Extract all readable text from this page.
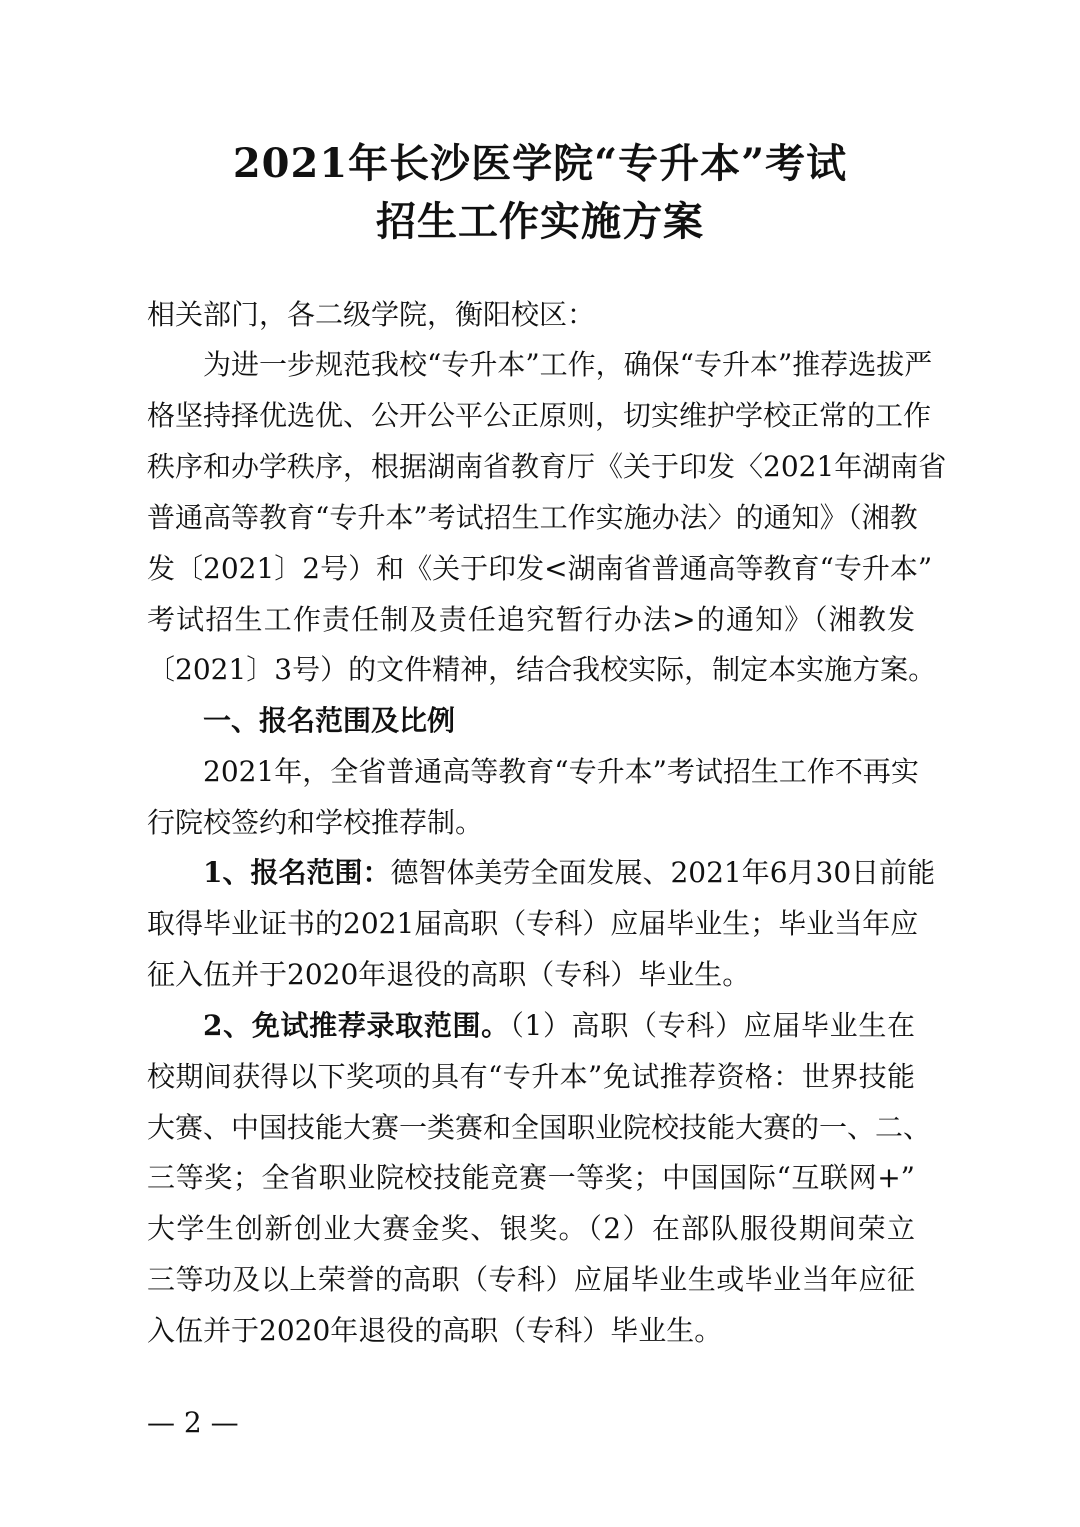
2021年长沙医学院“专升本”考试
招生工作实施方案
相关部门，各二级学院，衡阳校区：
为进一步规范我校“专升本”工作，确保“专升本”推荐选拔严
格坚持择优选优、公开公平公正原则，切实维护学校正常的工作
秩序和办学秩序，根据湖南省教育厅《关于印发〈2021年湖南省
普通高等教育“专升本”考试招生工作实施办法〉的通知》（湘教
发〔2021〕2号）和《关于印发<湖南省普通高等教育“专升本”
考试招生工作责任制及责任追究暂行办法>的通知》（湘教发
〔2021〕3号）的文件精神，结合我校实际，制定本实施方案。
一、报名范围及比例
2021年，全省普通高等教育“专升本”考试招生工作不再实
行院校签约和学校推荐制。
1、报名范围：德智体美劳全面发展、2021年6月30日前能
取得毕业证书的2021届高职（专科）应届毕业生；毕业当年应
征入伍并于2020年退役的高职（专科）毕业生。
2、免试推荐录取范围。（1）高职（专科）应届毕业生在
校期间获得以下奖项的具有“专升本”免试推荐资格：世界技能
大赛、中国技能大赛一类赛和全国职业院校技能大赛的一、二、
三等奖；全省职业院校技能竞赛一等奖；中国国际“互联网+”
大学生创新创业大赛金奖、银奖。（2）在部队服役期间荣立
三等功及以上荣誉的高职（专科）应届毕业生或毕业当年应征
入伍并于2020年退役的高职（专科）毕业生。
— 2 —
